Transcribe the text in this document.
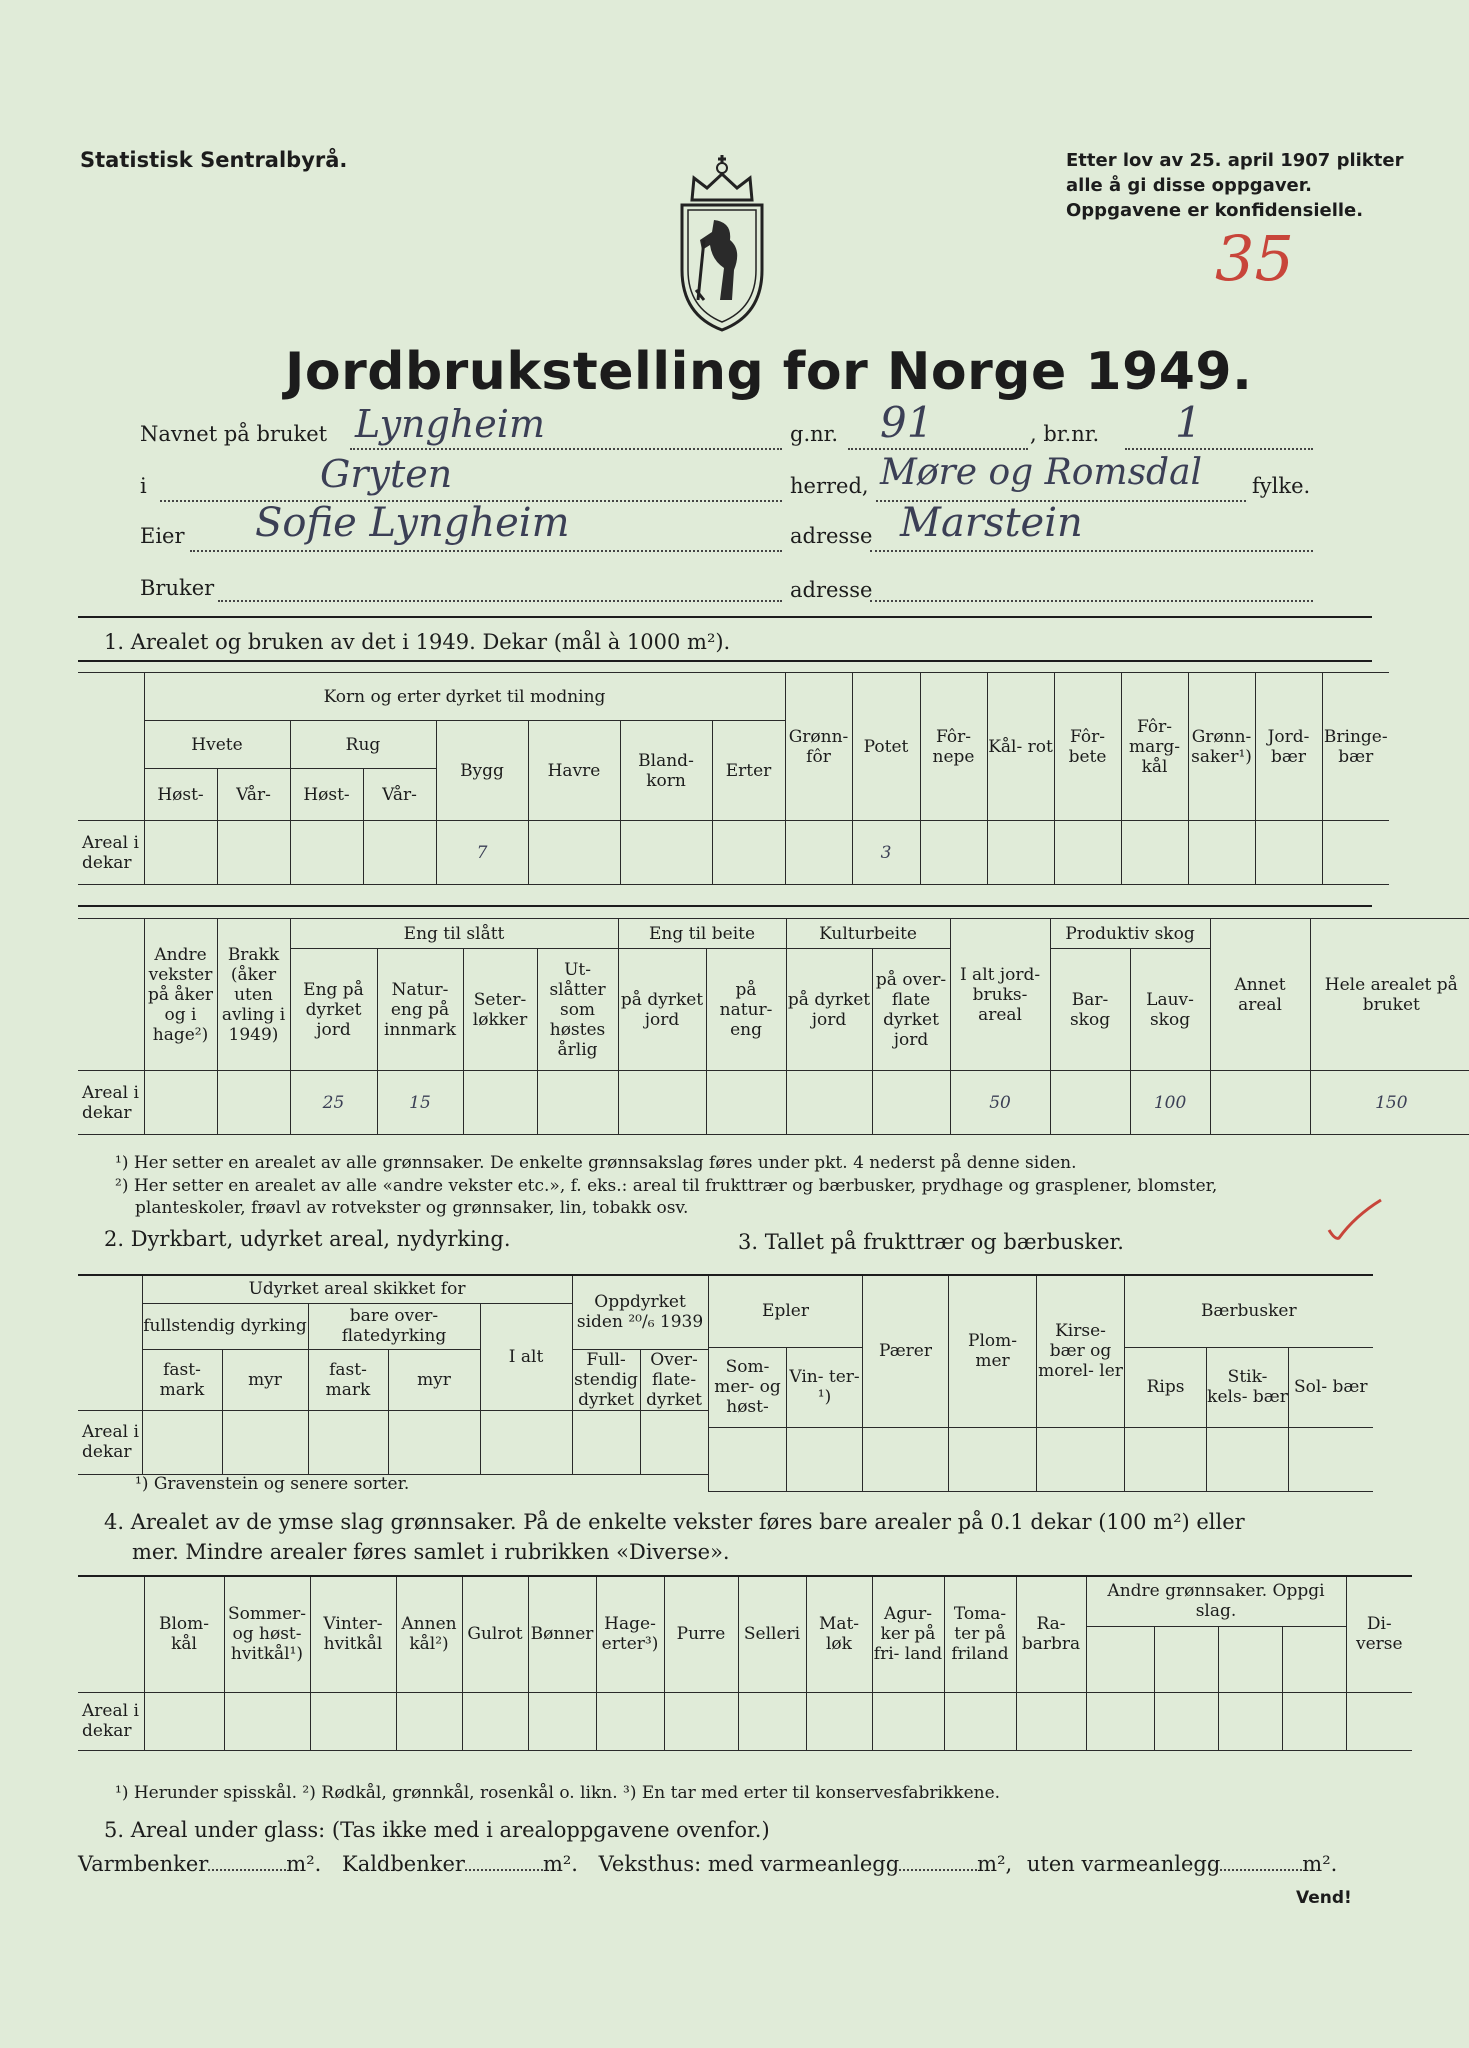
Statistisk Sentralbyrå.	Etter lov av 25. april 1907 plikter
alle å gi disse oppgaver.
Oppgavene er konfidensielle.
35
Jordbrukstelling for Norge 1949.
Navnet på bruket Lyngheim	g.nr. 91	, br.nr. 1
i	Gryten	herred, Møre og Romsdal fylke.
Eier Sofie Lyngheim	adresse Marstein
Bruker	adresse
1. Arealet og bruken av det i 1949. Dekar (mål à 1000 m²).
	Korn og erter dyrket til modning								Grønn- fôr	Potet	Fôr- nepe	Kål- rot	Fôr- bete	Fôr- marg- kål	Grønn- saker¹)	Jord- bær	Bringe- bær
	Hvete		Rug		Bygg	Havre	Bland- korn	Erter									
	Høst-	Vår-	Høst-	Vår-													
Areal i dekar					7					3							
	Andre vekster på åker og i hage²)	Brakk (åker uten avling i 1949)	Eng til slått				Eng til beite		Kulturbeite		I alt jord- bruks- areal	Produktiv skog		Annet areal	Hele arealet på bruket
			Eng på dyrket jord	Natur- eng på innmark	Seter- løkker	Ut- slåtter som høstes årlig	på dyrket jord	på natur- eng	på dyrket jord	på over- flate dyrket jord		Bar- skog	Lauv- skog		
Areal i dekar			25	15							50		100		150
¹) Her setter en arealet av alle grønnsaker. De enkelte grønnsakslag føres under pkt. 4 nederst på denne siden.
²) Her setter en arealet av alle «andre vekster etc.», f. eks.: areal til frukttrær og bærbusker, prydhage og grasplener, blomster,
planteskoler, frøavl av rotvekster og grønnsaker, lin, tobakk osv.
2. Dyrkbart, udyrket areal, nydyrking.	3. Tallet på frukttrær og bærbusker.
	Udyrket areal skikket for					Oppdyrket siden ²⁰/₆ 1939	
	fullstendig dyrking		bare over- flatedyrking		I alt		
	fast- mark	myr	fast- mark	myr		Full- stendig dyrket	Over- flate- dyrket
Areal i dekar							
Epler		Pærer	Plom- mer	Kirse- bær og morel- ler	Bærbusker		
Som- mer- og høst-	Vin- ter-¹)				Rips	Stik- kels- bær	Sol- bær

¹) Gravenstein og senere sorter.
4. Arealet av de ymse slag grønnsaker. På de enkelte vekster føres bare arealer på 0.1 dekar (100 m²) eller
mer. Mindre arealer føres samlet i rubrikken «Diverse».
	Blom- kål	Sommer- og høst- hvitkål¹)	Vinter- hvitkål	Annen kål²)	Gulrot	Bønner	Hage- erter³)	Purre	Selleri	Mat- løk	Agur- ker på fri- land	Toma- ter på friland	Ra- barbra	Andre grønnsaker. Oppgi slag.				Di- verse

Areal i dekar																		
¹) Herunder spisskål. ²) Rødkål, grønnkål, rosenkål o. likn. ³) En tar med erter til konservesfabrikkene.
5. Areal under glass: (Tas ikke med i arealoppgavene ovenfor.)
Varmbenker	m². Kaldbenker	m². Veksthus: med varmeanlegg	m², uten varmeanlegg	m².
Vend!
